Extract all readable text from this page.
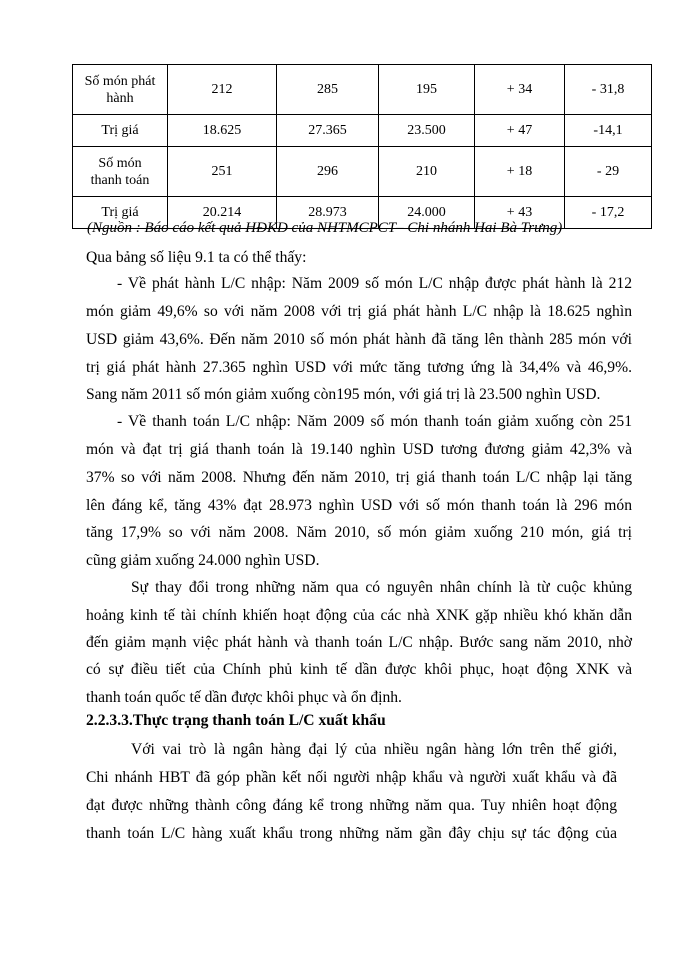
Số món phát
hành	212	285	195	+ 34	- 31,8
Trị giá	18.625	27.365	23.500	+ 47	-14,1
Số món
thanh toán	251	296	210	+ 18	- 29
Trị giá	20.214	28.973	24.000	+ 43	- 17,2
(Nguồn : Báo cáo kết quả HĐKD của NHTMCPCT– Chi nhánh Hai Bà Trưng)
Qua bảng số liệu 9.1 ta có thể thấy:
- Về phát hành L/C nhập: Năm 2009 số món L/C nhập được phát hành là 212
món giảm 49,6% so với năm 2008 với trị giá phát hành L/C nhập là 18.625 nghìn
USD giảm 43,6%. Đến năm 2010 số món phát hành đã tăng lên thành 285 món với
trị giá phát hành 27.365 nghìn USD với mức tăng tương ứng là 34,4% và 46,9%.
Sang năm 2011 số món giảm xuống còn195 món, với giá trị là 23.500 nghìn USD.
- Về thanh toán L/C nhập: Năm 2009 số món thanh toán giảm xuống còn 251
món và đạt trị giá thanh toán là 19.140 nghìn USD tương đương giảm 42,3% và
37% so với năm 2008. Nhưng đến năm 2010, trị giá thanh toán L/C nhập lại tăng
lên đáng kể, tăng 43% đạt 28.973 nghìn USD với số món thanh toán là 296 món
tăng 17,9% so với năm 2008. Năm 2010, số món giảm xuống 210 món, giá trị
cũng giảm xuống 24.000 nghìn USD.
Sự thay đổi trong những năm qua có nguyên nhân chính là từ cuộc khủng
hoảng kinh tế tài chính khiến hoạt động của các nhà XNK gặp nhiều khó khăn dẫn
đến giảm mạnh việc phát hành và thanh toán L/C nhập. Bước sang năm 2010, nhờ
có sự điều tiết của Chính phủ kinh tế dần được khôi phục, hoạt động XNK và
thanh toán quốc tế dần được khôi phục và ổn định.
2.2.3.3.Thực trạng thanh toán L/C xuất khẩu
Với vai trò là ngân hàng đại lý của nhiều ngân hàng lớn trên thế giới,
Chi nhánh HBT đã góp phần kết nối người nhập khẩu và người xuất khẩu và đã
đạt được những thành công đáng kể trong những năm qua. Tuy nhiên hoạt động
thanh toán L/C hàng xuất khẩu trong những năm gần đây chịu sự tác động của
